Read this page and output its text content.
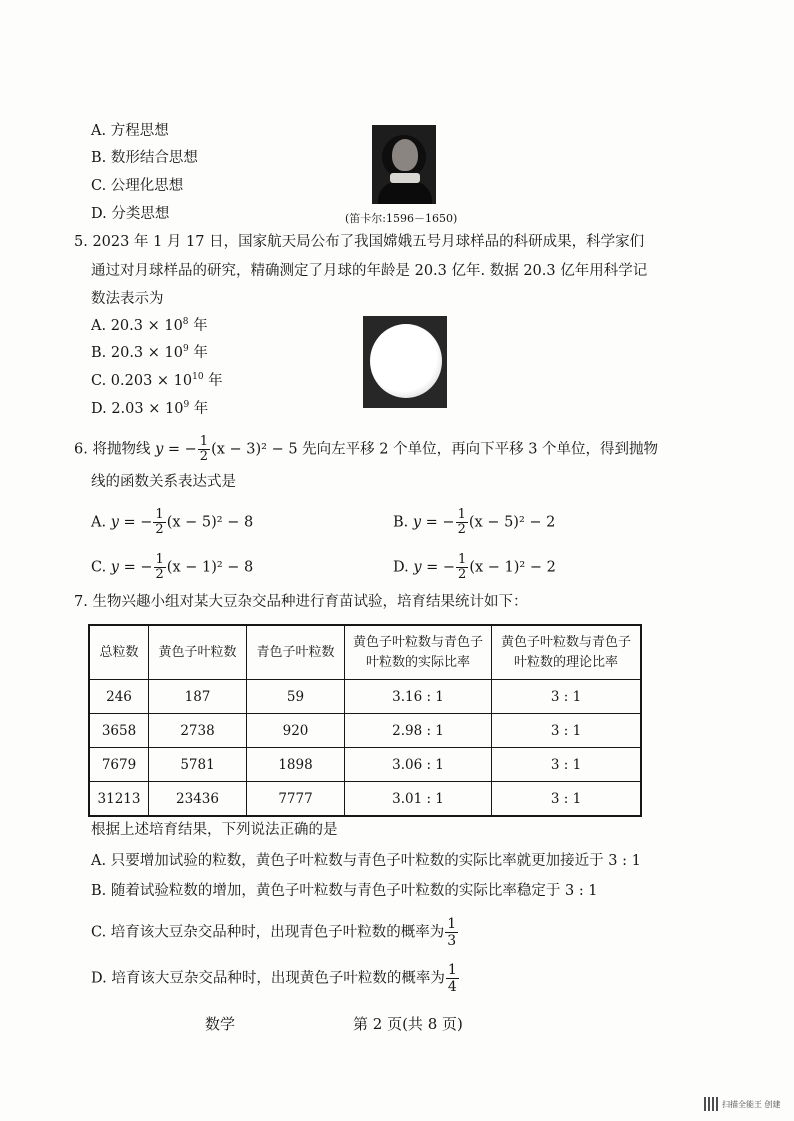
A. 方程思想
B. 数形结合思想
C. 公理化思想
D. 分类思想	(笛卡尔:1596－1650)
5. 2023 年 1 月 17 日，国家航天局公布了我国嫦娥五号月球样品的科研成果，科学家们
通过对月球样品的研究，精确测定了月球的年龄是 20.3 亿年. 数据 20.3 亿年用科学记
数法表示为
A. $20.3 \times 10^8$ 年
B. $20.3 \times 10^9$ 年
C. $0.203 \times 10^{10}$ 年
D. $2.03 \times 10^9$ 年
6. 将抛物线 y = − $\frac{1}{2} (x - 3)^2 - 5$ 先向左平移 2 个单位，再向下平移 3 个单位，得到抛物
线的函数关系表达式是
A. y = − $\frac{1}{2} (x - 5)^2 - 8$	B. y = − $\frac{1}{2} (x - 5)^2 - 2$
C. y = − $\frac{1}{2} (x - 1)^2 - 8$	D. y = − $\frac{1}{2} (x - 1)^2 - 2$
7. 生物兴趣小组对某大豆杂交品种进行育苗试验，培育结果统计如下：
总粒数	黄色子叶粒数	青色子叶粒数	黄色子叶粒数与青色子叶粒数的实际比率	黄色子叶粒数与青色子叶粒数的理论比率
246	187	59	3.16 : 1	3 : 1
3658	2738	920	2.98 : 1	3 : 1
7679	5781	1898	3.06 : 1	3 : 1
31213	23436	7777	3.01 : 1	3 : 1
根据上述培育结果，下列说法正确的是
A. 只要增加试验的粒数，黄色子叶粒数与青色子叶粒数的实际比率就更加接近于 3 : 1
B. 随着试验粒数的增加，黄色子叶粒数与青色子叶粒数的实际比率稳定于 3 : 1
C. 培育该大豆杂交品种时，出现青色子叶粒数的概率为 $\frac{1}{3}$
D. 培育该大豆杂交品种时，出现黄色子叶粒数的概率为 $\frac{1}{4}$
数学	第 2 页(共 8 页)
扫描全能王 创建
